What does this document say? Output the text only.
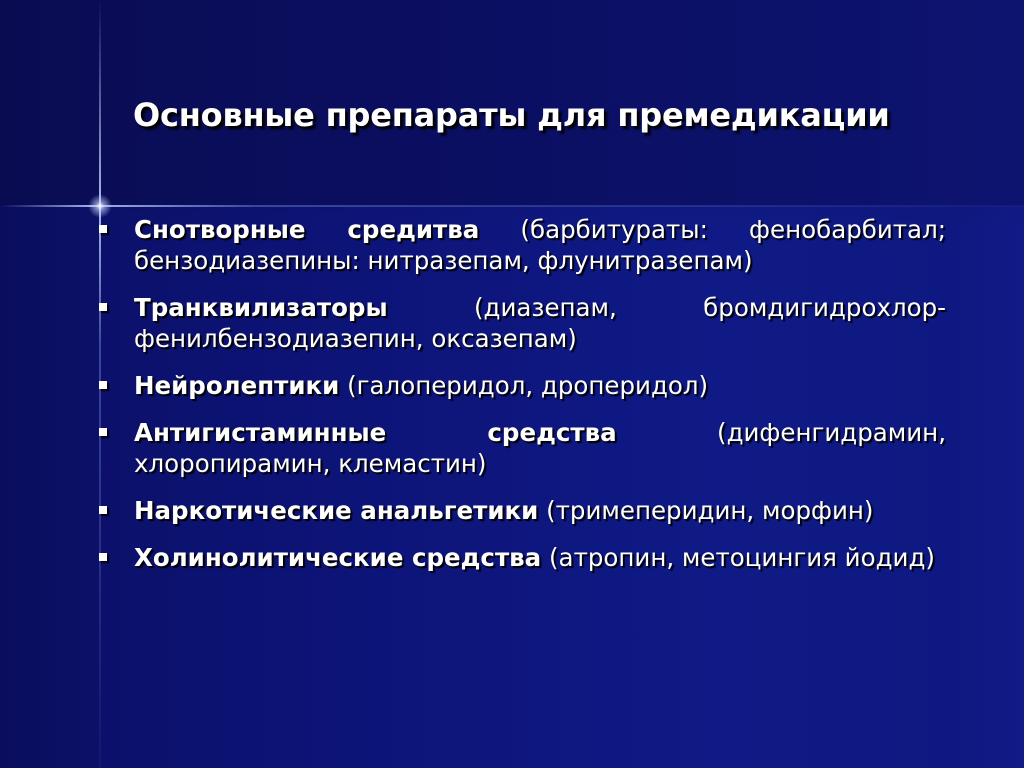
Основные препараты для премедикации
Снотворные средитва (барбитураты: фенобарбитал; бензодиазепины: нитразепам, флунитразепам)
Транквилизаторы (диазепам, бромдигидрохлор-фенилбензодиазепин, оксазепам)
Нейролептики (галоперидол, дроперидол)
Антигистаминные средства (дифенгидрамин, хлоропирамин, клемастин)
Наркотические анальгетики (тримеперидин, морфин)
Холинолитические средства (атропин, метоцингия йодид)
